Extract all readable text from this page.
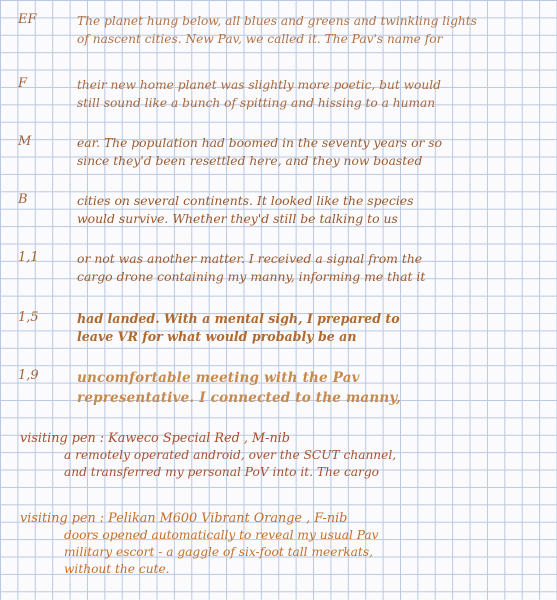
EF	The planet hung below, all blues and greens and twinkling lights
of nascent cities. New Pav, we called it. The Pav's name for
F	their new home planet was slightly more poetic, but would
still sound like a bunch of spitting and hissing to a human
M	ear. The population had boomed in the seventy years or so
since they'd been resettled here, and they now boasted
B	cities on several continents. It looked like the species
would survive. Whether they'd still be talking to us
1,1	or not was another matter. I received a signal from the
cargo drone containing my manny, informing me that it
1,5	had landed. With a mental sigh, I prepared to
leave VR for what would probably be an
1,9	uncomfortable meeting with the Pav
representative. I connected to the manny,
visiting pen : Kaweco Special Red , M-nib
a remotely operated android, over the SCUT channel,
and transferred my personal PoV into it. The cargo
visiting pen : Pelikan M600 Vibrant Orange , F-nib
doors opened automatically to reveal my usual Pav
military escort - a gaggle of six-foot tall meerkats,
without the cute.
